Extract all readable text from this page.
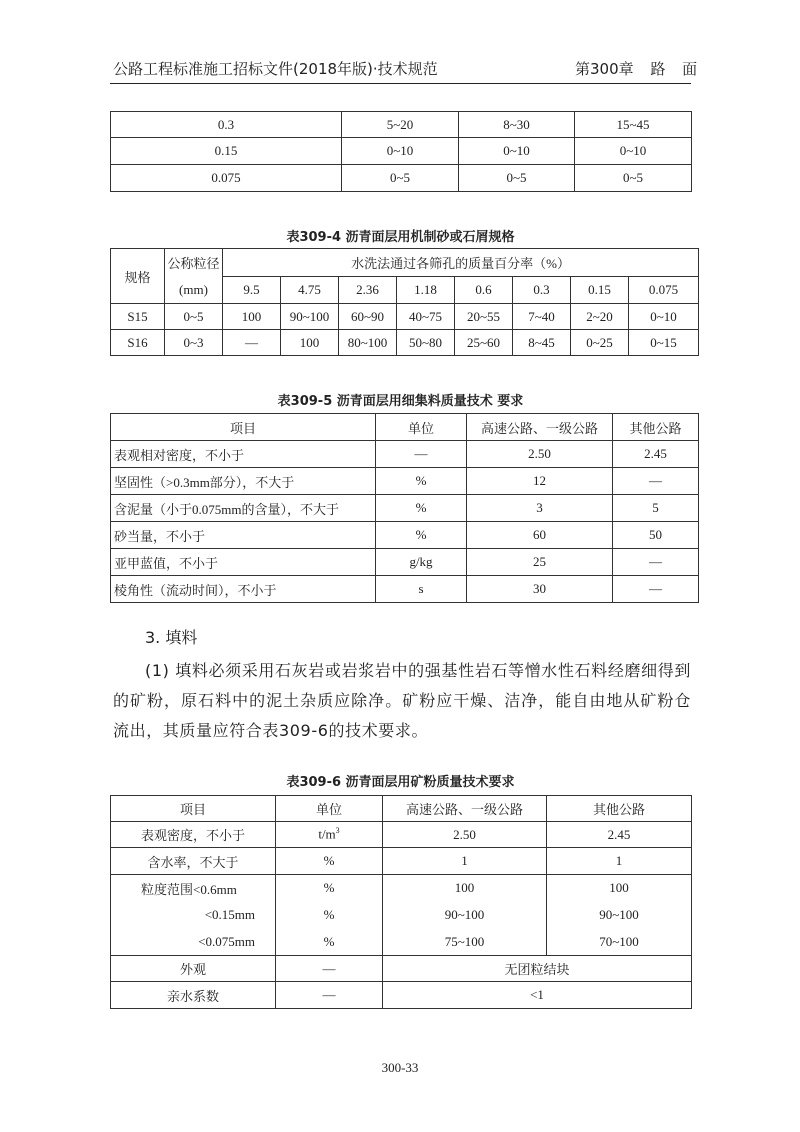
公路工程标准施工招标文件(2018年版)·技术规范	第300章 路 面
0.3	5~20	8~30	15~45
0.15	0~10	0~10	0~10
0.075	0~5	0~5	0~5
表309-4 沥青面层用机制砂或石屑规格
规格	公称粒径	水洗法通过各筛孔的质量百分率（%）							
	(mm)	9.5	4.75	2.36	1.18	0.6	0.3	0.15	0.075
S15	0~5	100	90~100	60~90	40~75	20~55	7~40	2~20	0~10
S16	0~3	—	100	80~100	50~80	25~60	8~45	0~25	0~15
表309-5 沥青面层用细集料质量技术 要求
项目	单位	高速公路、一级公路	其他公路
表观相对密度，不小于	—	2.50	2.45
坚固性（>0.3mm部分），不大于	%	12	—
含泥量（小于0.075mm的含量），不大于	%	3	5
砂当量，不小于	%	60	50
亚甲蓝值，不小于	g/kg	25	—
棱角性（流动时间），不小于	s	30	—
3. 填料
(1) 填料必须采用石灰岩或岩浆岩中的强基性岩石等憎水性石料经磨细得到的矿粉，原石料中的泥土杂质应除净。矿粉应干燥、洁净，能自由地从矿粉仓流出，其质量应符合表309-6的技术要求。
表309-6 沥青面层用矿粉质量技术要求
项目	单位	高速公路、一级公路	其他公路
表观密度，不小于	$t/m^3$	2.50	2.45
含水率，不大于	%	1	1
粒度范围<0.6mm	%	100	100
<0.15mm	%	90~100	90~100
<0.075mm	%	75~100	70~100
外观	—	无团粒结块	
亲水系数	—	<1	
300-33
